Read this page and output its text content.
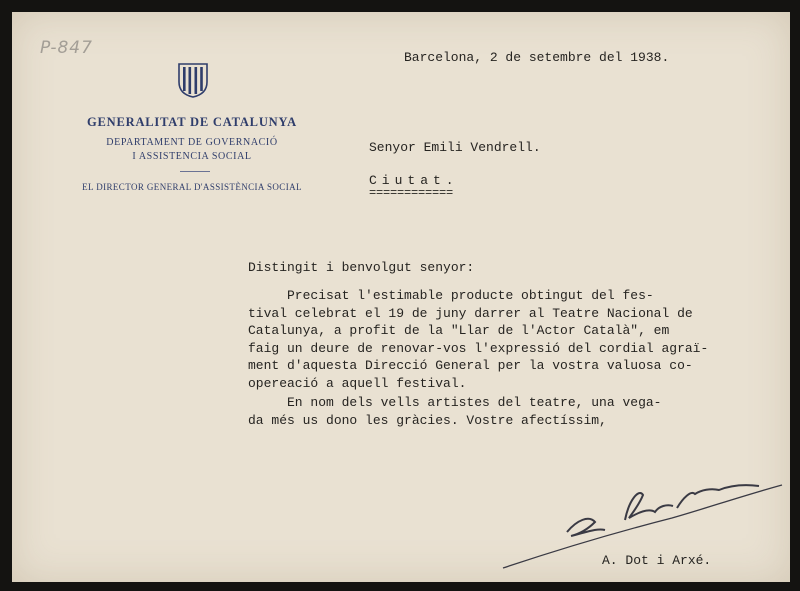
P-847
GENERALITAT DE CATALUNYA
DEPARTAMENT DE GOVERNACIÓ
I ASSISTENCIA SOCIAL
EL DIRECTOR GENERAL D'ASSISTÈNCIA SOCIAL
Barcelona, 2 de setembre del 1938.
Senyor Emili Vendrell.
Ciutat.
============
Distingit i benvolgut senyor:
Precisat l'estimable producte obtingut del fes-
tival celebrat el 19 de juny darrer al Teatre Nacional de
Catalunya, a profit de la "Llar de l'Actor Català", em
faig un deure de renovar-vos l'expressió del cordial agraï-
ment d'aquesta Direcció General per la vostra valuosa co-
opereació a aquell festival.
En nom dels vells artistes del teatre, una vega-
da més us dono les gràcies. Vostre afectíssim,
A. Dot i Arxé.
